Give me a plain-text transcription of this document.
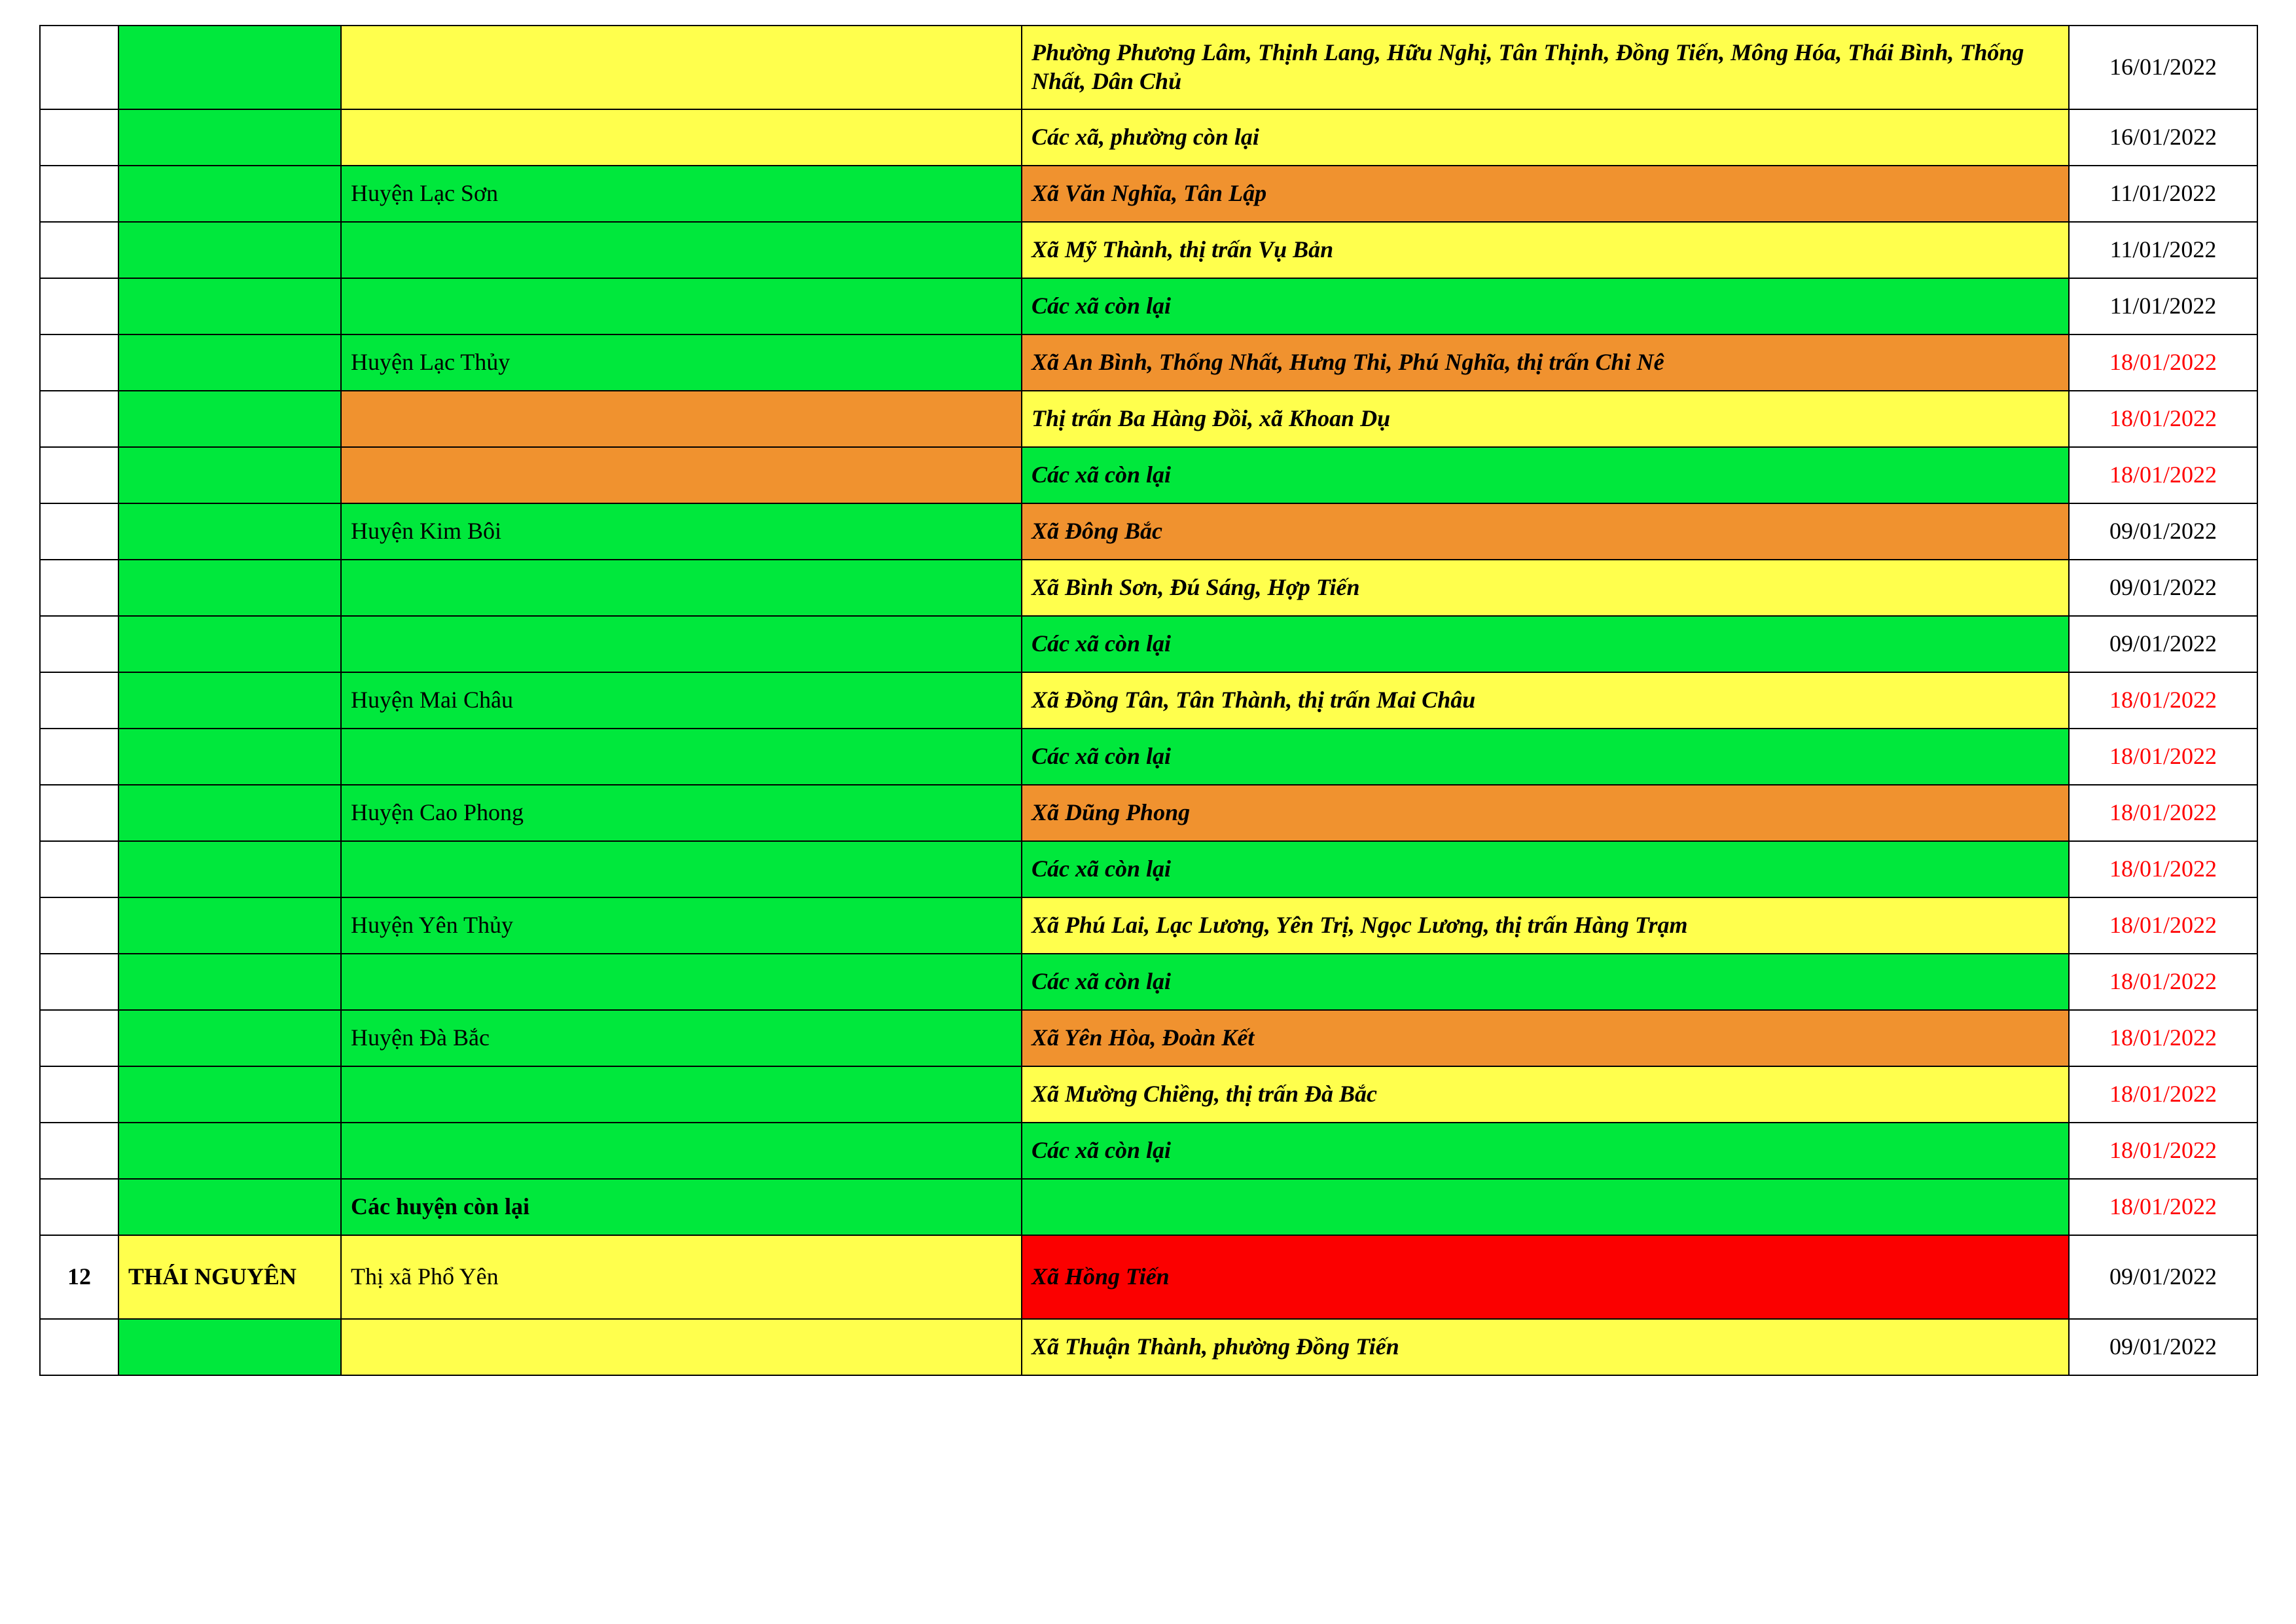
			Phường Phương Lâm, Thịnh Lang, Hữu Nghị, Tân Thịnh, Đồng Tiến, Mông Hóa, Thái Bình, Thống Nhất, Dân Chủ	16/01/2022
			Các xã, phường còn lại	16/01/2022
		Huyện Lạc Sơn	Xã Văn Nghĩa, Tân Lập	11/01/2022
			Xã Mỹ Thành, thị trấn Vụ Bản	11/01/2022
			Các xã còn lại	11/01/2022
		Huyện Lạc Thủy	Xã An Bình, Thống Nhất, Hưng Thi, Phú Nghĩa, thị trấn Chi Nê	18/01/2022
			Thị trấn Ba Hàng Đồi, xã Khoan Dụ	18/01/2022
			Các xã còn lại	18/01/2022
		Huyện Kim Bôi	Xã Đông Bắc	09/01/2022
			Xã Bình Sơn, Đú Sáng, Hợp Tiến	09/01/2022
			Các xã còn lại	09/01/2022
		Huyện Mai Châu	Xã Đồng Tân, Tân Thành, thị trấn Mai Châu	18/01/2022
			Các xã còn lại	18/01/2022
		Huyện Cao Phong	Xã Dũng Phong	18/01/2022
			Các xã còn lại	18/01/2022
		Huyện Yên Thủy	Xã Phú Lai, Lạc Lương, Yên Trị, Ngọc Lương, thị trấn Hàng Trạm	18/01/2022
			Các xã còn lại	18/01/2022
		Huyện Đà Bắc	Xã Yên Hòa, Đoàn Kết	18/01/2022
			Xã Mường Chiềng, thị trấn Đà Bắc	18/01/2022
			Các xã còn lại	18/01/2022
		Các huyện còn lại		18/01/2022
12	THÁI NGUYÊN	Thị xã Phổ Yên	Xã Hồng Tiến	09/01/2022
			Xã Thuận Thành, phường Đồng Tiến	09/01/2022
